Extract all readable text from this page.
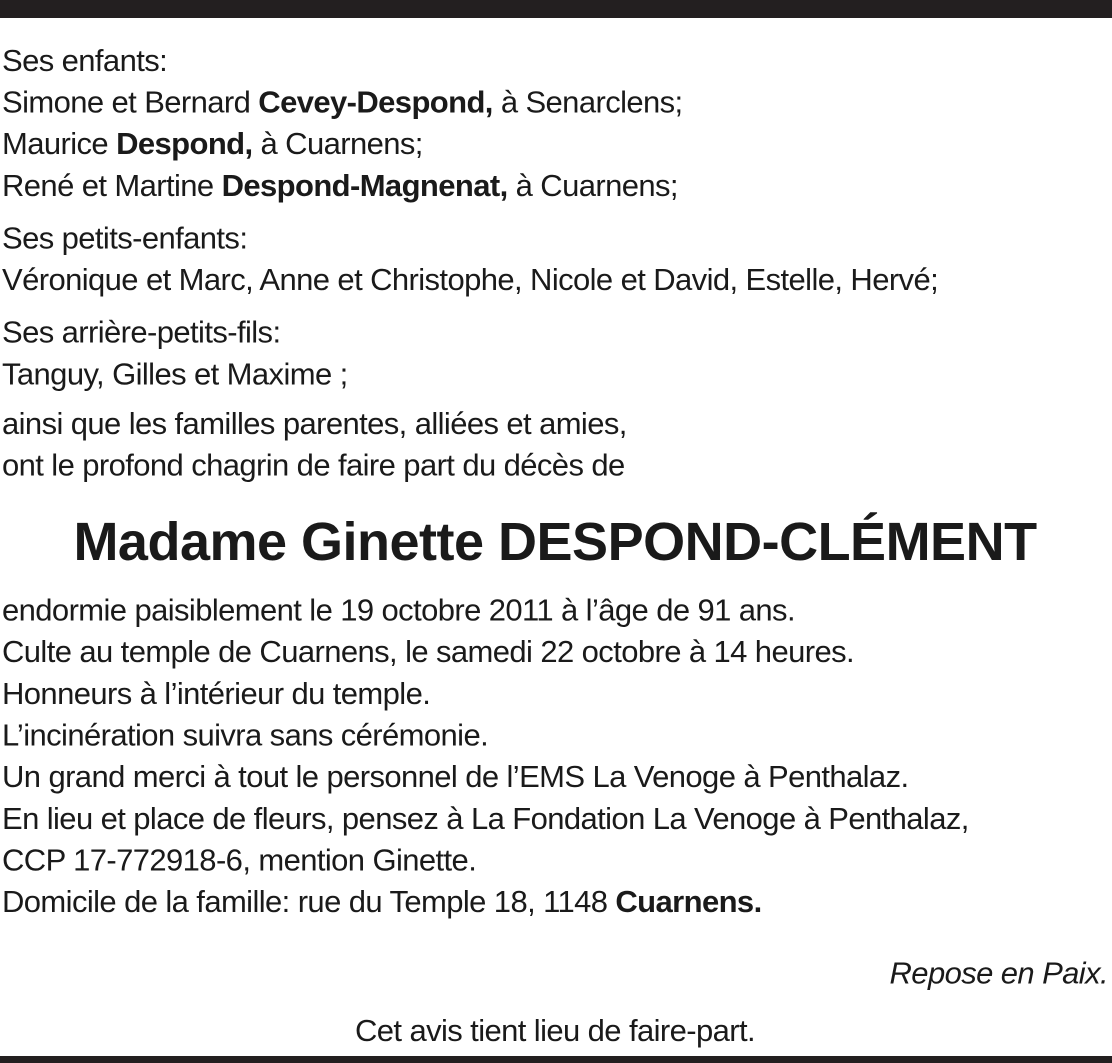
Ses enfants:
Simone et Bernard Cevey-Despond, à Senarclens;
Maurice Despond, à Cuarnens;
René et Martine Despond-Magnenat, à Cuarnens;
Ses petits-enfants:
Véronique et Marc, Anne et Christophe, Nicole et David, Estelle, Hervé;
Ses arrière-petits-fils:
Tanguy, Gilles et Maxime ;
ainsi que les familles parentes, alliées et amies,
ont le profond chagrin de faire part du décès de
Madame Ginette DESPOND-CLÉMENT
endormie paisiblement le 19 octobre 2011 à l’âge de 91 ans.
Culte au temple de Cuarnens, le samedi 22 octobre à 14 heures.
Honneurs à l’intérieur du temple.
L’incinération suivra sans cérémonie.
Un grand merci à tout le personnel de l’EMS La Venoge à Penthalaz.
En lieu et place de fleurs, pensez à La Fondation La Venoge à Penthalaz,
CCP 17-772918-6, mention Ginette.
Domicile de la famille: rue du Temple 18, 1148 Cuarnens.
Repose en Paix.
Cet avis tient lieu de faire-part.
